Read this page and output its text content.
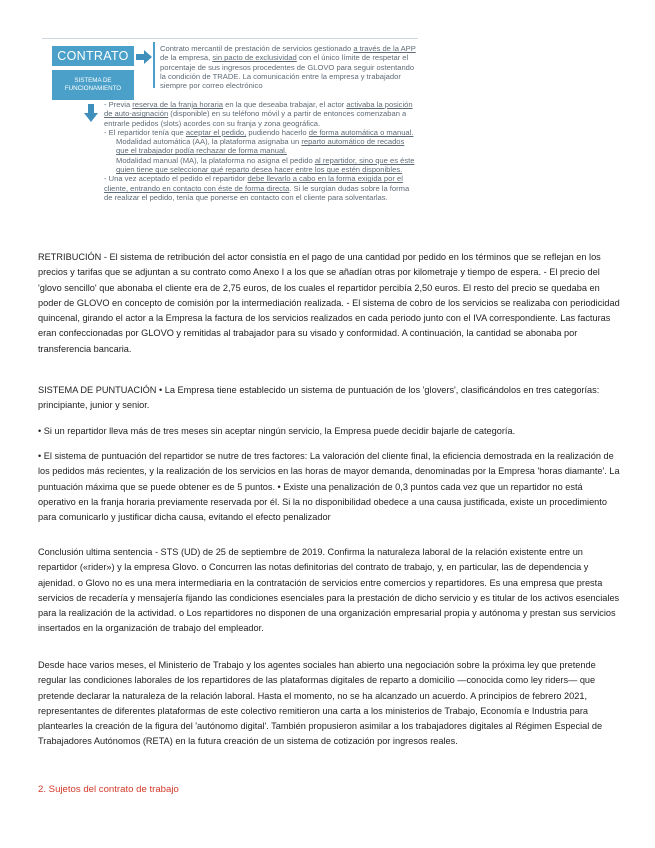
CONTRATO
Contrato mercantil de prestación de servicios gestionado a través de la APP de la empresa, sin pacto de exclusividad con el único límite de respetar el porcentaje de sus ingresos procedentes de GLOVO para seguir ostentando la condición de TRADE. La comunicación entre la empresa y trabajador siempre por correo electrónico
SISTEMA DE FUNCIONAMIENTO

- Previa reserva de la franja horaria en la que deseaba trabajar, el actor activaba la posición de auto-asignación (disponible) en su teléfono móvil y a partir de entonces comenzaban a entrarle pedidos (slots) acordes con su franja y zona geográfica.

- El repartidor tenía que aceptar el pedido, pudiendo hacerlo de forma automática o manual.

Modalidad automática (AA), la plataforma asignaba un reparto automático de recados que el trabajador podía rechazar de forma manual.

Modalidad manual (MA), la plataforma no asigna el pedido al repartidor, sino que es éste quien tiene que seleccionar qué reparto desea hacer entre los que estén disponibles.

- Una vez aceptado el pedido el repartidor debe llevarlo a cabo en la forma exigida por el cliente, entrando en contacto con éste de forma directa. Si le surgían dudas sobre la forma de realizar el pedido, tenía que ponerse en contacto con el cliente para solventarlas.

RETRIBUCIÓN - El sistema de retribución del actor consistía en el pago de una cantidad por pedido en los términos que se reflejan en los precios y tarifas que se adjuntan a su contrato como Anexo I a los que se añadían otras por kilometraje y tiempo de espera. - El precio del 'glovo sencillo' que abonaba el cliente era de 2,75 euros, de los cuales el repartidor percibía 2,50 euros. El resto del precio se quedaba en poder de GLOVO en concepto de comisión por la intermediación realizada. - El sistema de cobro de los servicios se realizaba con periodicidad quincenal, girando el actor a la Empresa la factura de los servicios realizados en cada periodo junto con el IVA correspondiente. Las facturas eran confeccionadas por GLOVO y remitidas al trabajador para su visado y conformidad. A continuación, la cantidad se abonaba por transferencia bancaria.

SISTEMA DE PUNTUACIÓN • La Empresa tiene establecido un sistema de puntuación de los 'glovers', clasificándolos en tres categorías: principiante, junior y senior.

• Si un repartidor lleva más de tres meses sin aceptar ningún servicio, la Empresa puede decidir bajarle de categoría.

• El sistema de puntuación del repartidor se nutre de tres factores: La valoración del cliente final, la eficiencia demostrada en la realización de los pedidos más recientes, y la realización de los servicios en las horas de mayor demanda, denominadas por la Empresa 'horas diamante'. La puntuación máxima que se puede obtener es de 5 puntos. • Existe una penalización de 0,3 puntos cada vez que un repartidor no está operativo en la franja horaria previamente reservada por él. Si la no disponibilidad obedece a una causa justificada, existe un procedimiento para comunicarlo y justificar dicha causa, evitando el efecto penalizador

Conclusión ultima sentencia - STS (UD) de 25 de septiembre de 2019. Confirma la naturaleza laboral de la relación existente entre un repartidor («rider») y la empresa Glovo. o Concurren las notas definitorias del contrato de trabajo, y, en particular, las de dependencia y ajenidad. o Glovo no es una mera intermediaria en la contratación de servicios entre comercios y repartidores. Es una empresa que presta servicios de recadería y mensajería fijando las condiciones esenciales para la prestación de dicho servicio y es titular de los activos esenciales para la realización de la actividad. o Los repartidores no disponen de una organización empresarial propia y autónoma y prestan sus servicios insertados en la organización de trabajo del empleador.

Desde hace varios meses, el Ministerio de Trabajo y los agentes sociales han abierto una negociación sobre la próxima ley que pretende regular las condiciones laborales de los repartidores de las plataformas digitales de reparto a domicilio —conocida como ley riders— que pretende declarar la naturaleza de la relación laboral. Hasta el momento, no se ha alcanzado un acuerdo. A principios de febrero 2021, representantes de diferentes plataformas de este colectivo remitieron una carta a los ministerios de Trabajo, Economía e Industria para plantearles la creación de la figura del 'autónomo digital'. También propusieron asimilar a los trabajadores digitales al Régimen Especial de Trabajadores Autónomos (RETA) en la futura creación de un sistema de cotización por ingresos reales.

2. Sujetos del contrato de trabajo
